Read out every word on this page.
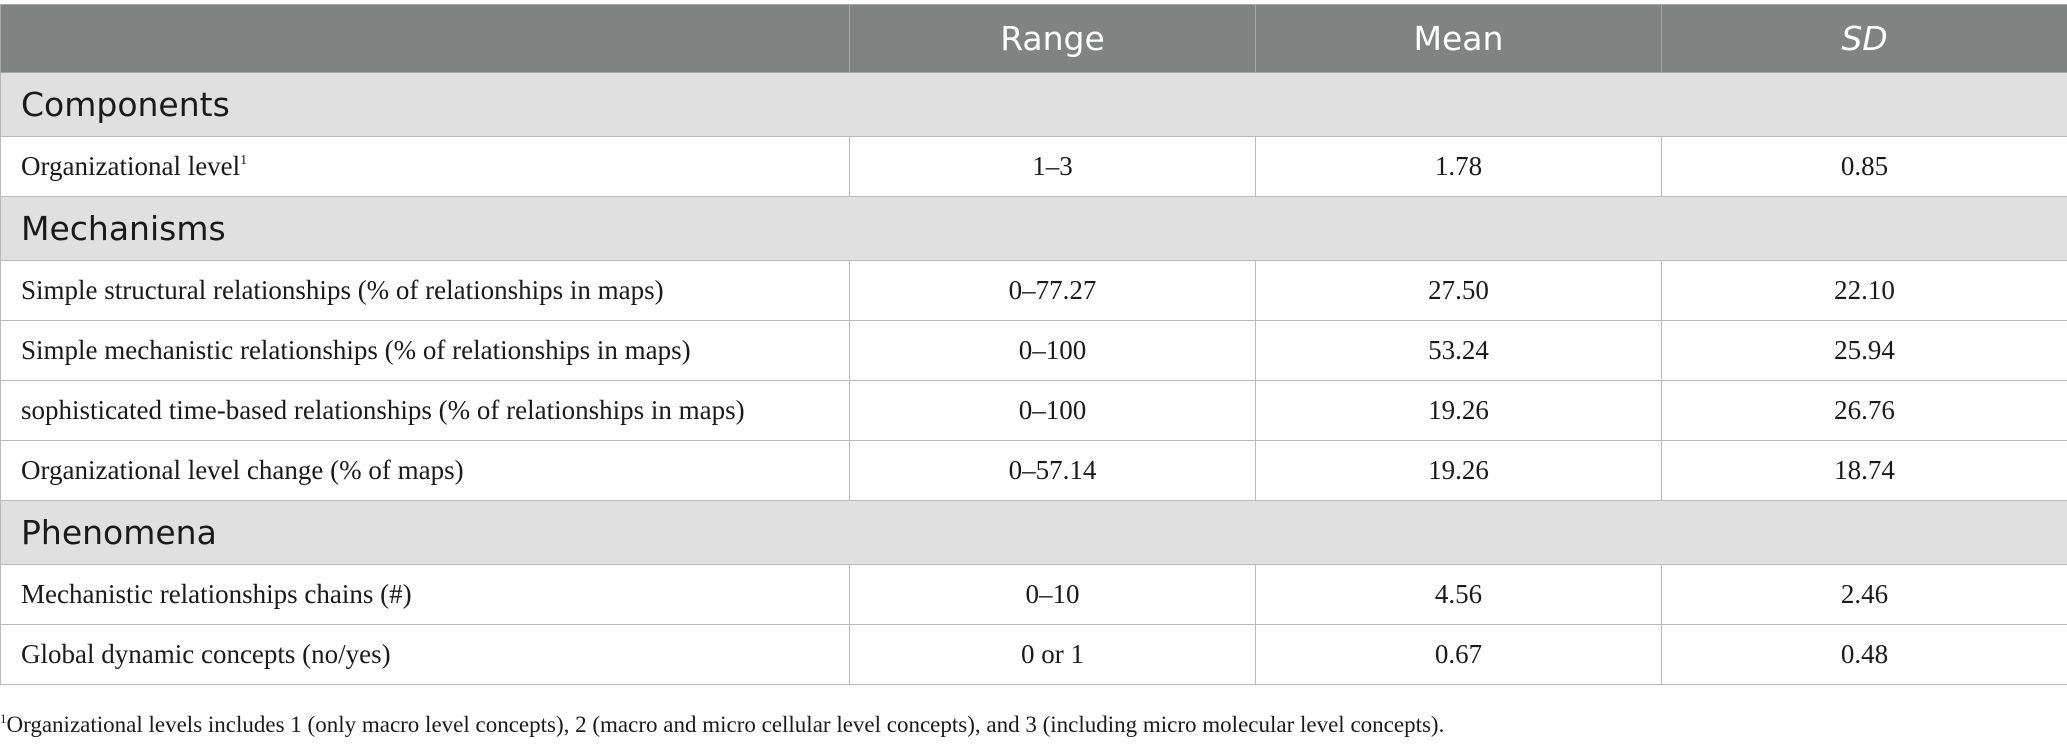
	Range	Mean	SD
Components			
Organizational level$^1$	1–3	1.78	0.85
Mechanisms			
Simple structural relationships (% of relationships in maps)	0–77.27	27.50	22.10
Simple mechanistic relationships (% of relationships in maps)	0–100	53.24	25.94
sophisticated time-based relationships (% of relationships in maps)	0–100	19.26	26.76
Organizational level change (% of maps)	0–57.14	19.26	18.74
Phenomena			
Mechanistic relationships chains (#)	0–10	4.56	2.46
Global dynamic concepts (no/yes)	0 or 1	0.67	0.48
$^1$Organizational levels includes 1 (only macro level concepts), 2 (macro and micro cellular level concepts), and 3 (including micro molecular level concepts).
